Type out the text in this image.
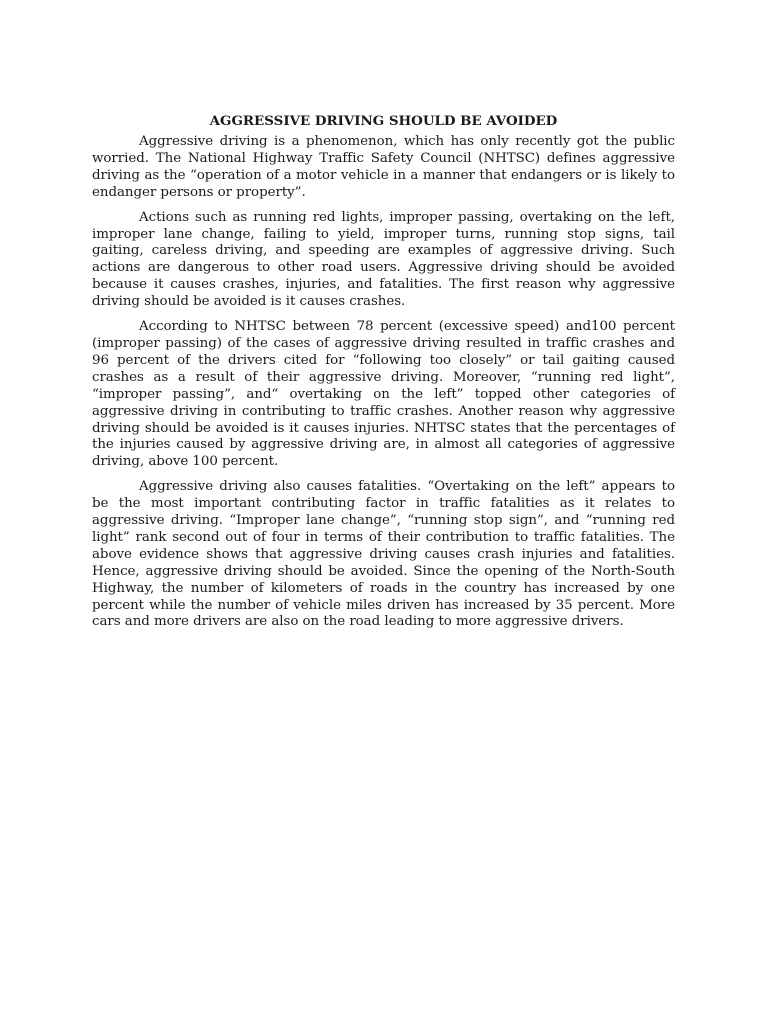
AGGRESSIVE DRIVING SHOULD BE AVOIDED

Aggressive driving is a phenomenon, which has only recently got the public worried. The National Highway Traffic Safety Council (NHTSC) defines aggressive driving as the “operation of a motor vehicle in a manner that endangers or is likely to endanger persons or property”.

Actions such as running red lights, improper passing, overtaking on the left, improper lane change, failing to yield, improper turns, running stop signs, tail gaiting, careless driving, and speeding are examples of aggressive driving. Such actions are dangerous to other road users. Aggressive driving should be avoided because it causes crashes, injuries, and fatalities. The first reason why aggressive driving should be avoided is it causes crashes.

According to NHTSC between 78 percent (excessive speed) and100 percent (improper passing) of the cases of aggressive driving resulted in traffic crashes and 96 percent of the drivers cited for “following too closely” or tail gaiting caused crashes as a result of their aggressive driving. Moreover, “running red light”, “improper passing”, and“ overtaking on the left” topped other categories of aggressive driving in contributing to traffic crashes. Another reason why aggressive driving should be avoided is it causes injuries. NHTSC states that the percentages of the injuries caused by aggressive driving are, in almost all categories of aggressive driving, above 100 percent.

Aggressive driving also causes fatalities. “Overtaking on the left” appears to be the most important contributing factor in traffic fatalities as it relates to aggressive driving. “Improper lane change”, “running stop sign”, and “running red light” rank second out of four in terms of their contribution to traffic fatalities. The above evidence shows that aggressive driving causes crash injuries and fatalities. Hence, aggressive driving should be avoided. Since the opening of the North-South Highway, the number of kilometers of roads in the country has increased by one percent while the number of vehicle miles driven has increased by 35 percent. More cars and more drivers are also on the road leading to more aggressive drivers.
